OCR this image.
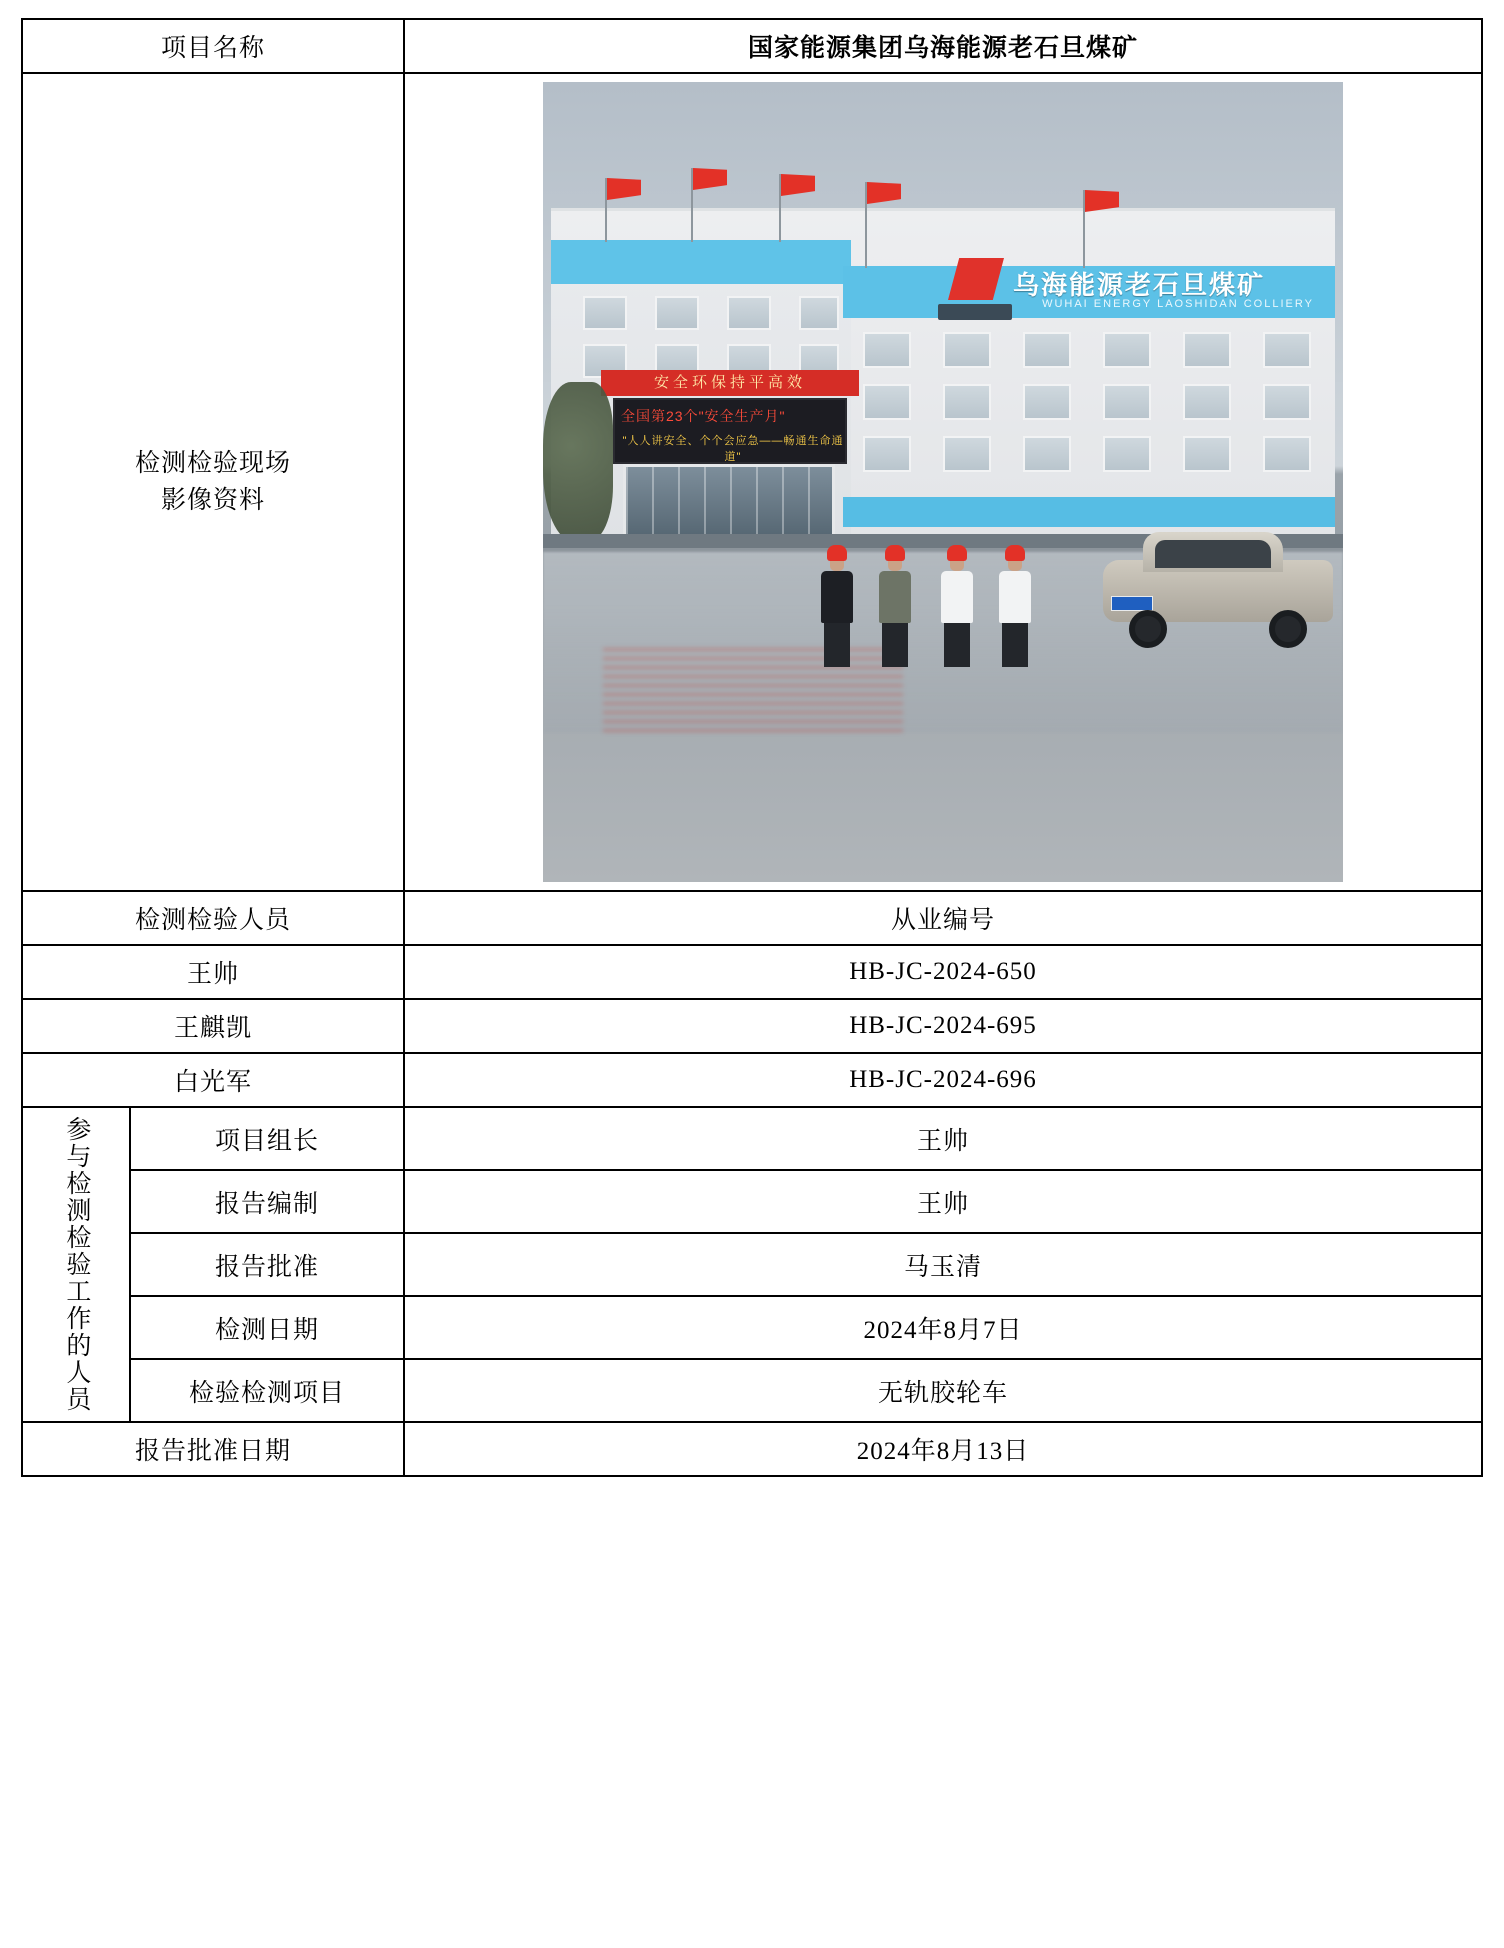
项目名称		国家能源集团乌海能源老石旦煤矿

检测检验现场
影像资料

乌海能源老石旦煤矿
WUHAI ENERGY LAOSHIDAN COLLIERY
安全环保持平高效
全国第23个"安全生产月"
"人人讲安全、个个会应急——畅通生命通道"

检测检验人员		从业编号
王帅		HB-JC-2024-650
王麒凯		HB-JC-2024-695
白光军		HB-JC-2024-696

参与检测检验工作的人员	项目组长	王帅
	报告编制	王帅
	报告批准	马玉清
	检测日期	2024年8月7日
	检验检测项目	无轨胶轮车
报告批准日期		2024年8月13日
